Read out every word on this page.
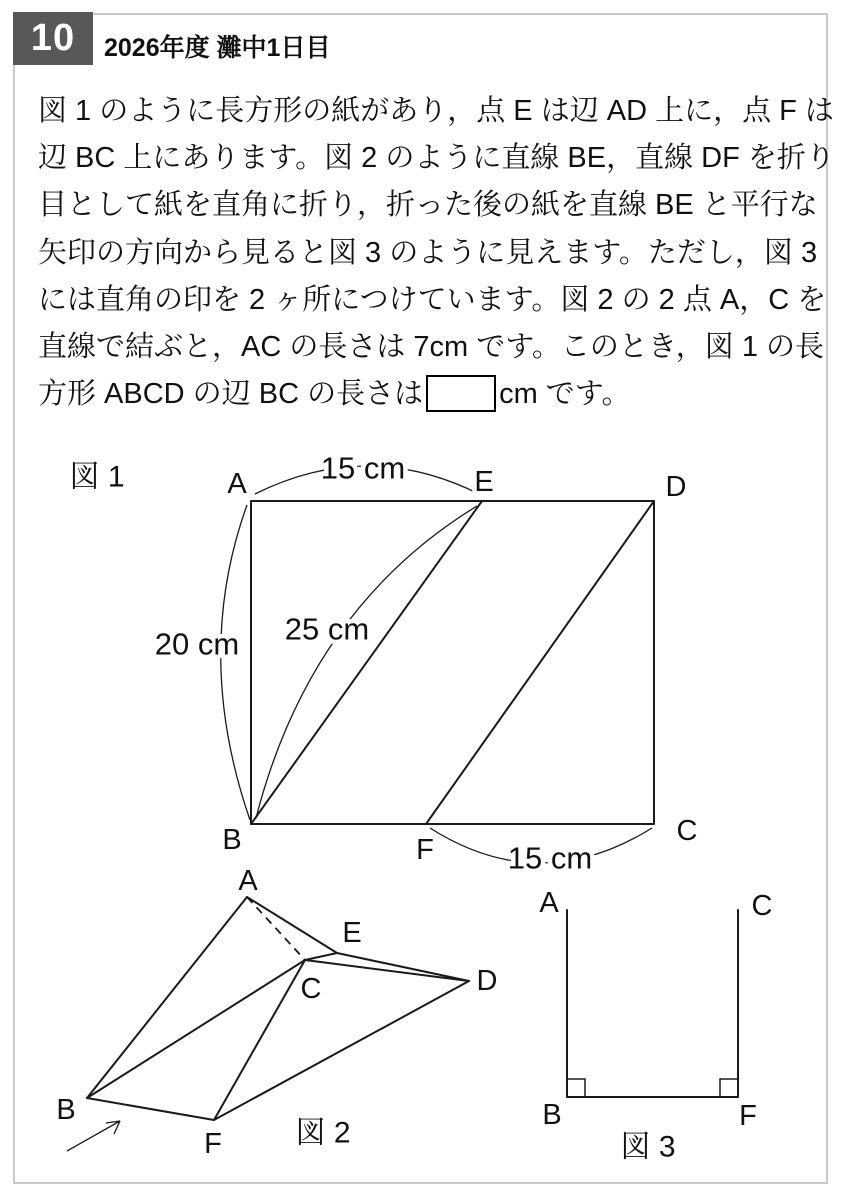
10 2026年度 灘中1日目
図 1 のように長方形の紙があり，点 E は辺 AD 上に，点 F は
辺 BC 上にあります。図 2 のように直線 BE，直線 DF を折り
目として紙を直角に折り，折った後の紙を直線 BE と平行な
矢印の方向から見ると図 3 のように見えます。ただし，図 3
には直角の印を 2 ヶ所につけています。図 2 の 2 点 A，C を
直線で結ぶと，AC の長さは 7cm です。このとき，図 1 の長
方形 ABCD の辺 BC の長さは	cm です。
図 1	A	E	D
B	F
C
15 cm
20 cm 25 cm
15 cm
A
B
C	D
E
F 図 2
A	C
B	F
図 3
